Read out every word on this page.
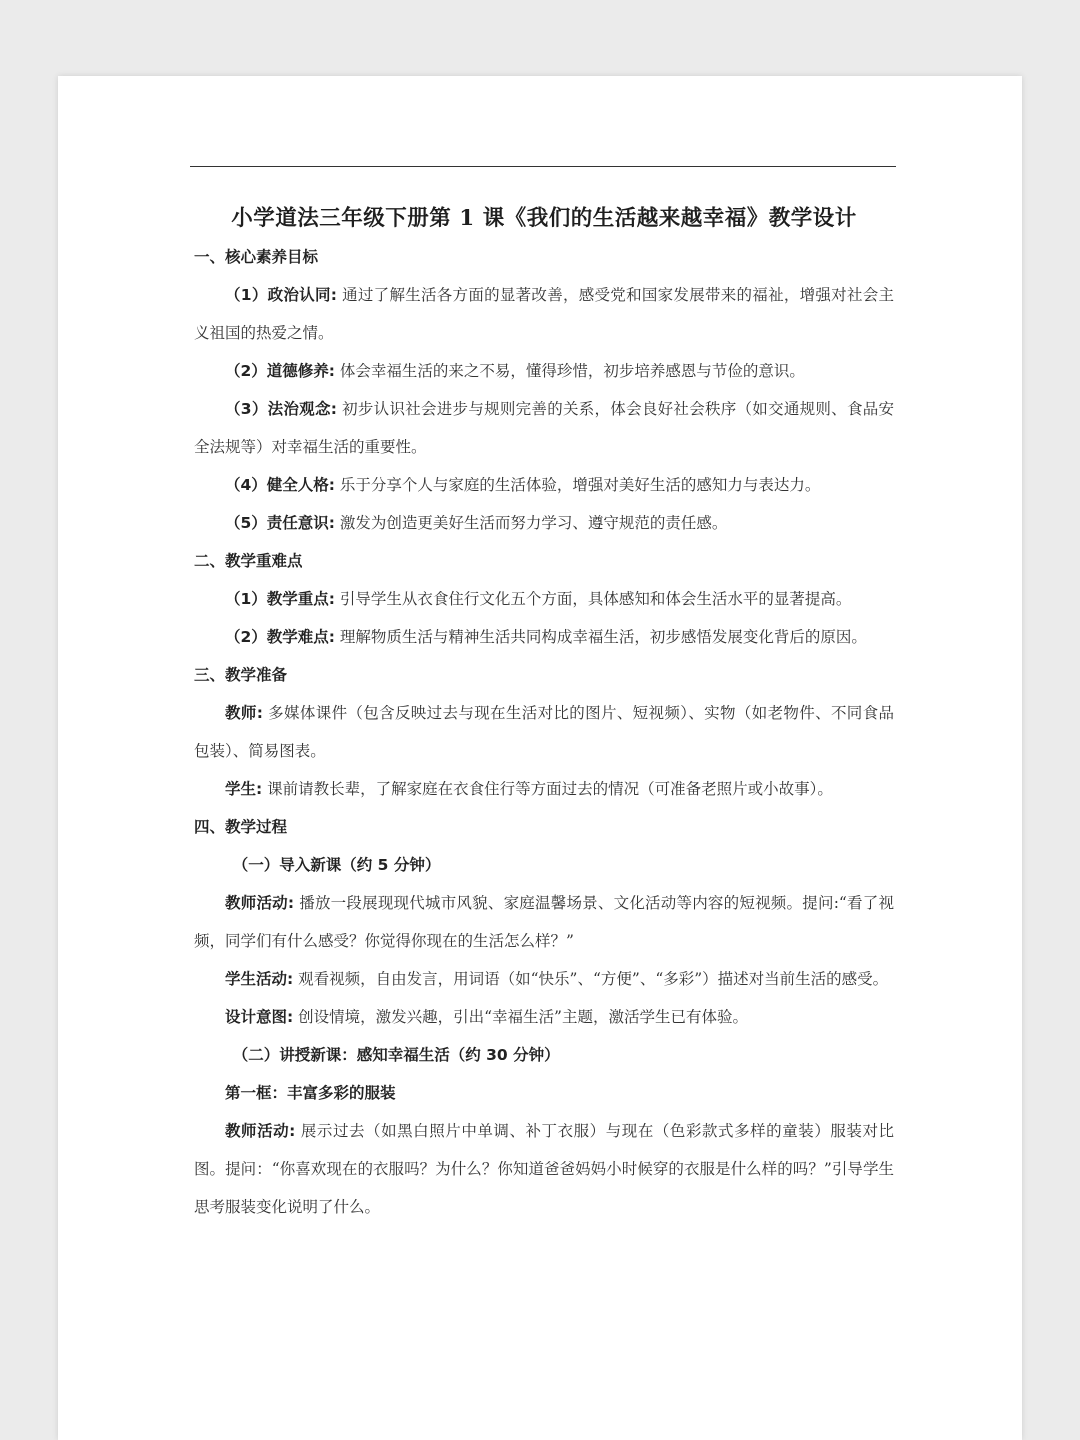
小学道法三年级下册第 1 课《我们的生活越来越幸福》教学设计
一、核心素养目标

（1）政治认同: 通过了解生活各方面的显著改善，感受党和国家发展带来的福祉，增强对社会主义祖国的热爱之情。

（2）道德修养: 体会幸福生活的来之不易，懂得珍惜，初步培养感恩与节俭的意识。

（3）法治观念: 初步认识社会进步与规则完善的关系，体会良好社会秩序（如交通规则、食品安全法规等）对幸福生活的重要性。

（4）健全人格: 乐于分享个人与家庭的生活体验，增强对美好生活的感知力与表达力。

（5）责任意识: 激发为创造更美好生活而努力学习、遵守规范的责任感。

二、教学重难点

（1）教学重点: 引导学生从衣食住行文化五个方面，具体感知和体会生活水平的显著提高。

（2）教学难点: 理解物质生活与精神生活共同构成幸福生活，初步感悟发展变化背后的原因。

三、教学准备

教师: 多媒体课件（包含反映过去与现在生活对比的图片、短视频）、实物（如老物件、不同食品包装）、简易图表。

学生: 课前请教长辈，了解家庭在衣食住行等方面过去的情况（可准备老照片或小故事）。

四、教学过程
（一）导入新课（约 5 分钟）

教师活动: 播放一段展现现代城市风貌、家庭温馨场景、文化活动等内容的短视频。提问:“看了视频，同学们有什么感受？你觉得你现在的生活怎么样？”

学生活动: 观看视频，自由发言，用词语（如“快乐”、“方便”、“多彩”）描述对当前生活的感受。

设计意图: 创设情境，激发兴趣，引出“幸福生活”主题，激活学生已有体验。

（二）讲授新课：感知幸福生活（约 30 分钟）

第一框：丰富多彩的服装

教师活动: 展示过去（如黑白照片中单调、补丁衣服）与现在（色彩款式多样的童装）服装对比图。提问：“你喜欢现在的衣服吗？为什么？你知道爸爸妈妈小时候穿的衣服是什么样的吗？”引导学生思考服装变化说明了什么。
